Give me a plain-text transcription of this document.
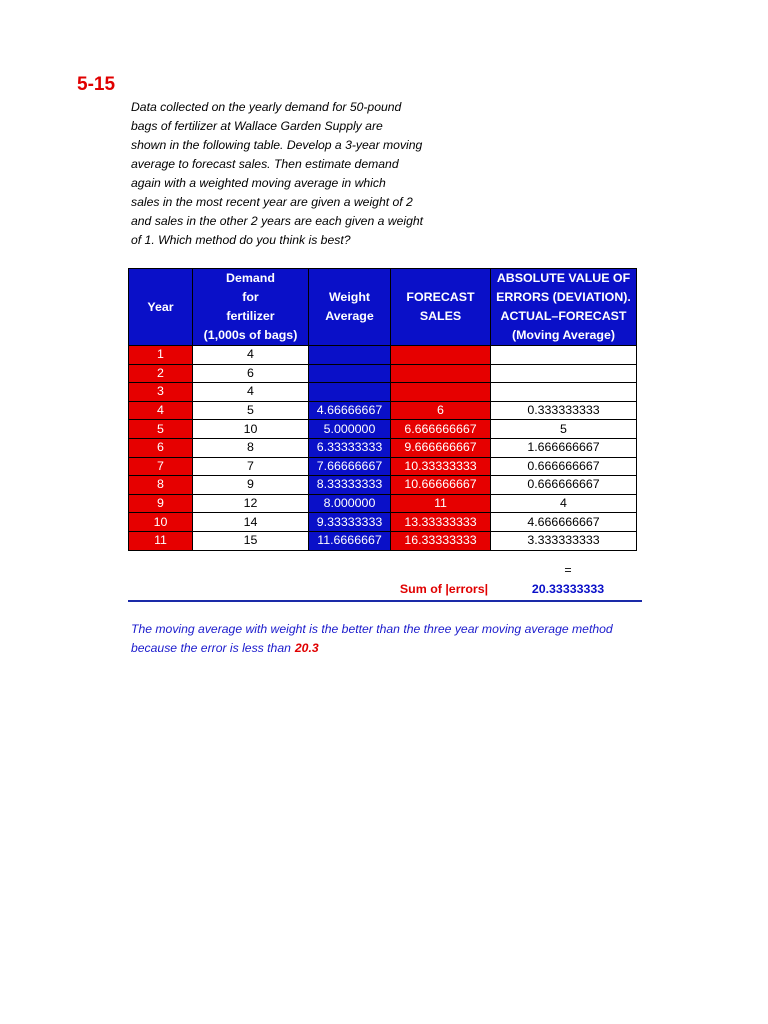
5-15
Data collected on the yearly demand for 50-pound
bags of fertilizer at Wallace Garden Supply are
shown in the following table. Develop a 3-year moving
average to forecast sales. Then estimate demand
again with a weighted moving average in which
sales in the most recent year are given a weight of 2
and sales in the other 2 years are each given a weight
of 1. Which method do you think is best?
Year	Demand
for
fertilizer
(1,000s of bags)	Weight
Average	FORECAST
SALES	ABSOLUTE VALUE OF
ERRORS (DEVIATION).
ACTUAL–FORECAST
(Moving Average)
1	4			
2	6			
3	4			
4	5	4.66666667	6	0.333333333
5	10	5.000000	6.666666667	5
6	8	6.33333333	9.666666667	1.666666667
7	7	7.66666667	10.33333333	0.666666667
8	9	8.33333333	10.66666667	0.666666667
9	12	8.000000	11	4
10	14	9.33333333	13.33333333	4.666666667
11	15	11.6666667	16.33333333	3.333333333
=
Sum of |errors|	20.33333333
The moving average with weight is the better than the three year moving average method
because the error is less than 20.3
